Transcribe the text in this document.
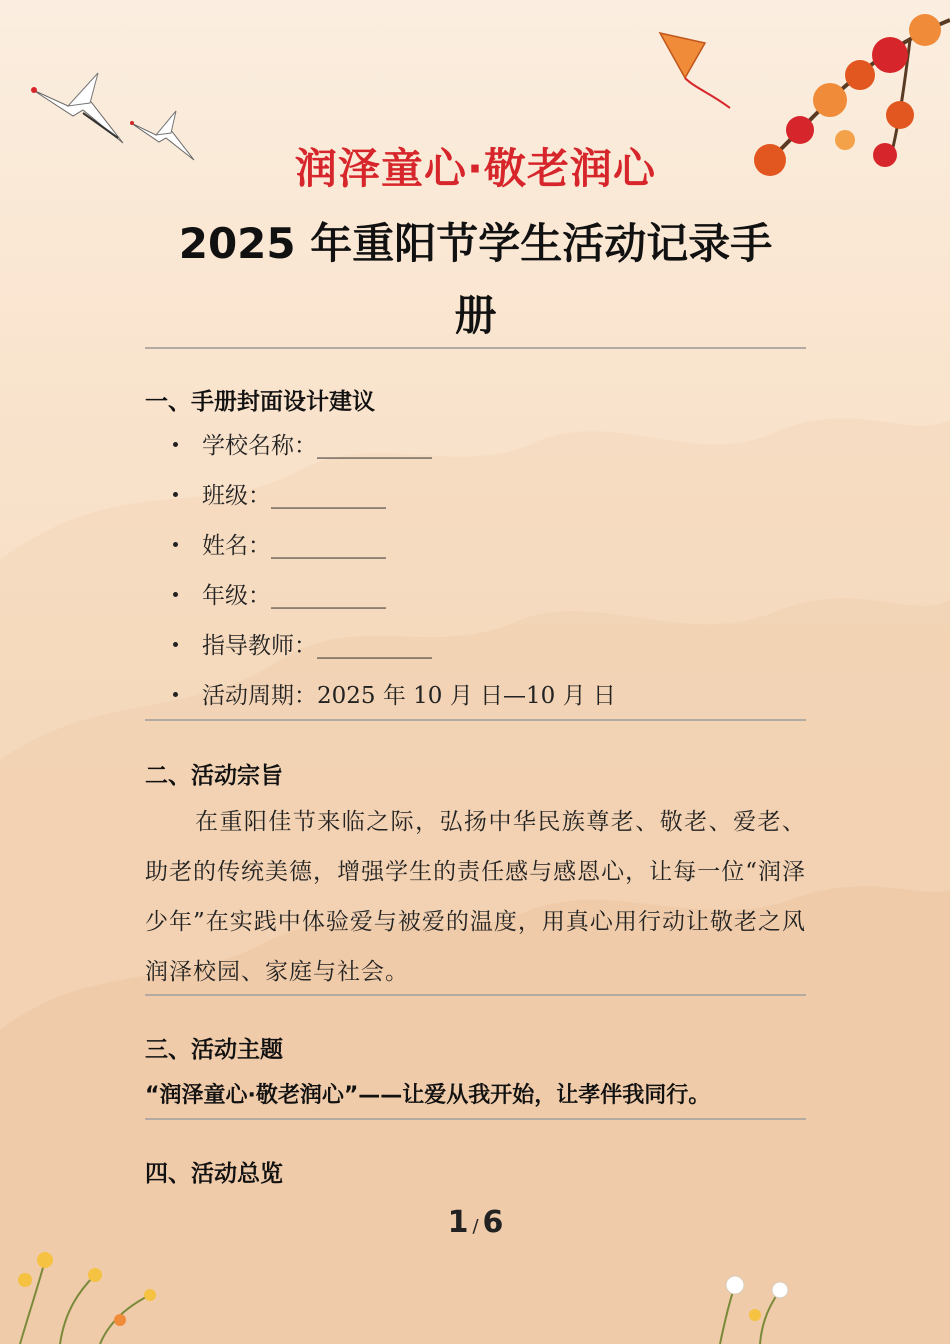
润泽童心·敬老润心
2025 年重阳节学生活动记录手
册
一、手册封面设计建议
学校名称：__________
班级：__________
姓名：__________
年级：__________
指导教师：__________
活动周期：2025 年 10 月 日—10 月 日
二、活动宗旨
在重阳佳节来临之际，弘扬中华民族尊老、敬老、爱老、助老的传统美德，增强学生的责任感与感恩心，让每一位“润泽少年”在实践中体验爱与被爱的温度，用真心用行动让敬老之风润泽校园、家庭与社会。
三、活动主题
“润泽童心·敬老润心”——让爱从我开始，让孝伴我同行。
四、活动总览
1 / 6
